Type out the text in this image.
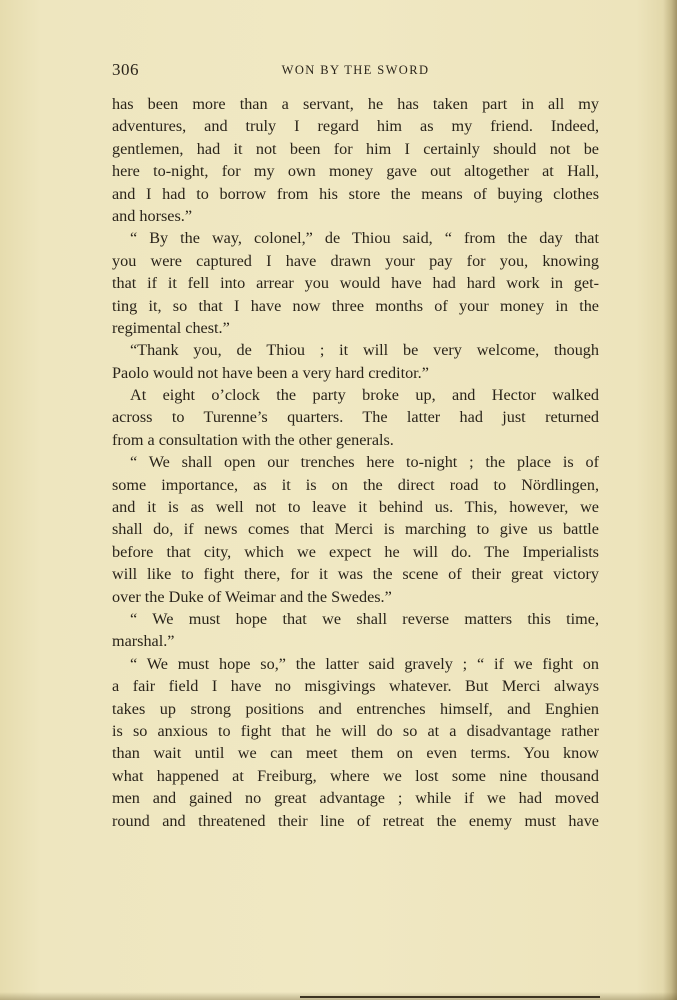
306	WON BY THE SWORD
has been more than a servant, he has taken part in all my
adventures, and truly I regard him as my friend. Indeed,
gentlemen, had it not been for him I certainly should not be
here to-night, for my own money gave out altogether at Hall,
and I had to borrow from his store the means of buying clothes
and horses.”
“ By the way, colonel,” de Thiou said, “ from the day that
you were captured I have drawn your pay for you, knowing
that if it fell into arrear you would have had hard work in get-
ting it, so that I have now three months of your money in the
regimental chest.”
“Thank you, de Thiou ; it will be very welcome, though
Paolo would not have been a very hard creditor.”
At eight o’clock the party broke up, and Hector walked
across to Turenne’s quarters. The latter had just returned
from a consultation with the other generals.
“ We shall open our trenches here to-night ; the place is of
some importance, as it is on the direct road to Nördlingen,
and it is as well not to leave it behind us. This, however, we
shall do, if news comes that Merci is marching to give us battle
before that city, which we expect he will do. The Imperialists
will like to fight there, for it was the scene of their great victory
over the Duke of Weimar and the Swedes.”
“ We must hope that we shall reverse matters this time,
marshal.”
“ We must hope so,” the latter said gravely ; “ if we fight on
a fair field I have no misgivings whatever. But Merci always
takes up strong positions and entrenches himself, and Enghien
is so anxious to fight that he will do so at a disadvantage rather
than wait until we can meet them on even terms. You know
what happened at Freiburg, where we lost some nine thousand
men and gained no great advantage ; while if we had moved
round and threatened their line of retreat the enemy must have
